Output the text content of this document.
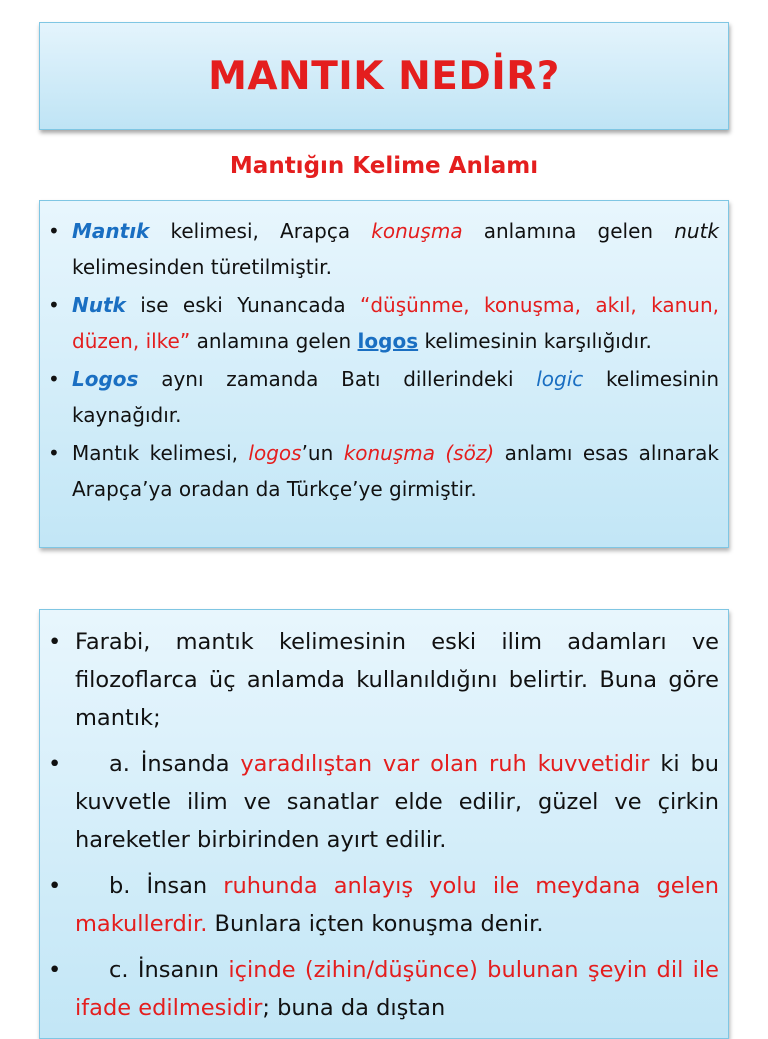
MANTIK NEDİR?
Mantığın Kelime Anlamı
• Mantık kelimesi, Arapça konuşma anlamına gelen nutk kelimesinden türetilmiştir.
• Nutk ise eski Yunancada “düşünme, konuşma, akıl, kanun, düzen, ilke” anlamına gelen logos kelimesinin karşılığıdır.
• Logos aynı zamanda Batı dillerindeki logic kelimesinin kaynağıdır.
• Mantık kelimesi, logos’un konuşma (söz) anlamı esas alınarak Arapça’ya oradan da Türkçe’ye girmiştir.
• Farabi, mantık kelimesinin eski ilim adamları ve filozoflarca üç anlamda kullanıldığını belirtir. Buna göre mantık;
• a. İnsanda yaradılıştan var olan ruh kuvvetidir ki bu kuvvetle ilim ve sanatlar elde edilir, güzel ve çirkin hareketler birbirinden ayırt edilir.
• b. İnsan ruhunda anlayış yolu ile meydana gelen makullerdir. Bunlara içten konuşma denir.
• c. İnsanın içinde (zihin/düşünce) bulunan şeyin dil ile ifade edilmesidir; buna da dıştan
